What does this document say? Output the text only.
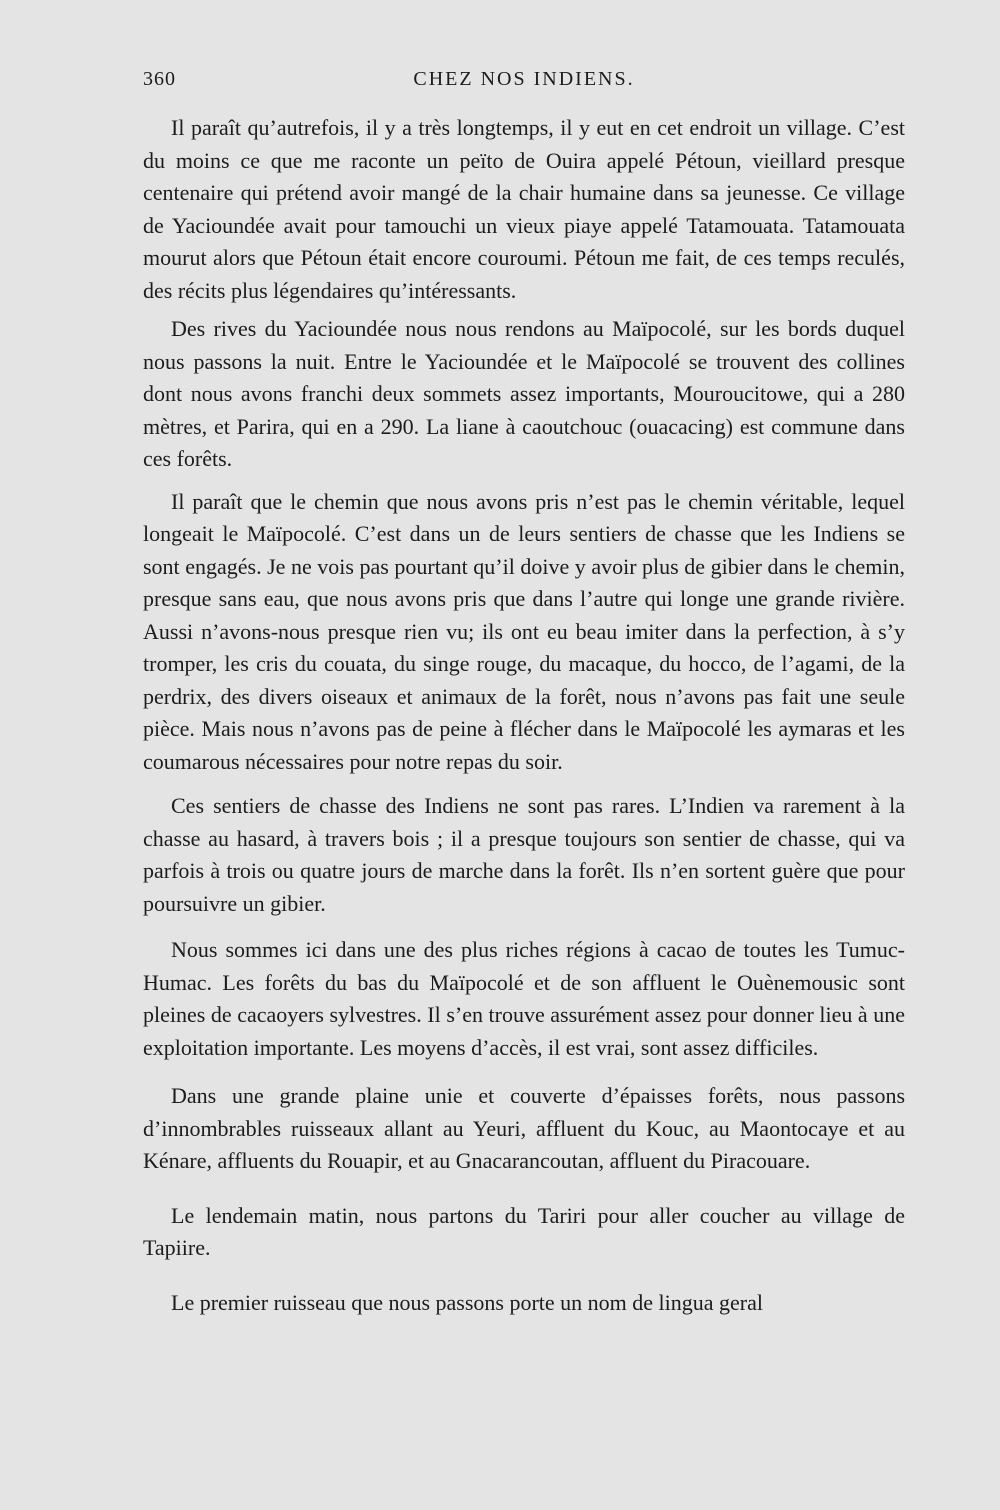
360	CHEZ NOS INDIENS.

Il paraît qu’autrefois, il y a très longtemps, il y eut en cet endroit un village. C’est du moins ce que me raconte un peïto de Ouira appelé Pétoun, vieillard presque centenaire qui prétend avoir mangé de la chair humaine dans sa jeunesse. Ce village de Yacioundée avait pour tamouchi un vieux piaye appelé Tatamouata. Tatamouata mourut alors que Pétoun était encore couroumi. Pétoun me fait, de ces temps reculés, des récits plus légendaires qu’intéressants.

Des rives du Yacioundée nous nous rendons au Maïpocolé, sur les bords duquel nous passons la nuit. Entre le Yacioundée et le Maïpocolé se trouvent des collines dont nous avons franchi deux sommets assez importants, Mouroucitowe, qui a 280 mètres, et Parira, qui en a 290. La liane à caoutchouc (ouacacing) est commune dans ces forêts.

Il paraît que le chemin que nous avons pris n’est pas le chemin véritable, lequel longeait le Maïpocolé. C’est dans un de leurs sentiers de chasse que les Indiens se sont engagés. Je ne vois pas pourtant qu’il doive y avoir plus de gibier dans le chemin, presque sans eau, que nous avons pris que dans l’autre qui longe une grande rivière. Aussi n’avons-nous presque rien vu; ils ont eu beau imiter dans la perfection, à s’y tromper, les cris du couata, du singe rouge, du macaque, du hocco, de l’agami, de la perdrix, des divers oiseaux et animaux de la forêt, nous n’avons pas fait une seule pièce. Mais nous n’avons pas de peine à flécher dans le Maïpocolé les aymaras et les coumarous nécessaires pour notre repas du soir.

Ces sentiers de chasse des Indiens ne sont pas rares. L’Indien va rarement à la chasse au hasard, à travers bois ; il a presque toujours son sentier de chasse, qui va parfois à trois ou quatre jours de marche dans la forêt. Ils n’en sortent guère que pour poursuivre un gibier.

Nous sommes ici dans une des plus riches régions à cacao de toutes les Tumuc-Humac. Les forêts du bas du Maïpocolé et de son affluent le Ouènemousic sont pleines de cacaoyers sylvestres. Il s’en trouve assurément assez pour donner lieu à une exploitation importante. Les moyens d’accès, il est vrai, sont assez difficiles.

Dans une grande plaine unie et couverte d’épaisses forêts, nous passons d’innombrables ruisseaux allant au Yeuri, affluent du Kouc, au Maontocaye et au Kénare, affluents du Rouapir, et au Gnacarancoutan, affluent du Piracouare.

Le lendemain matin, nous partons du Tariri pour aller coucher au village de Tapiire.

Le premier ruisseau que nous passons porte un nom de lingua geral
